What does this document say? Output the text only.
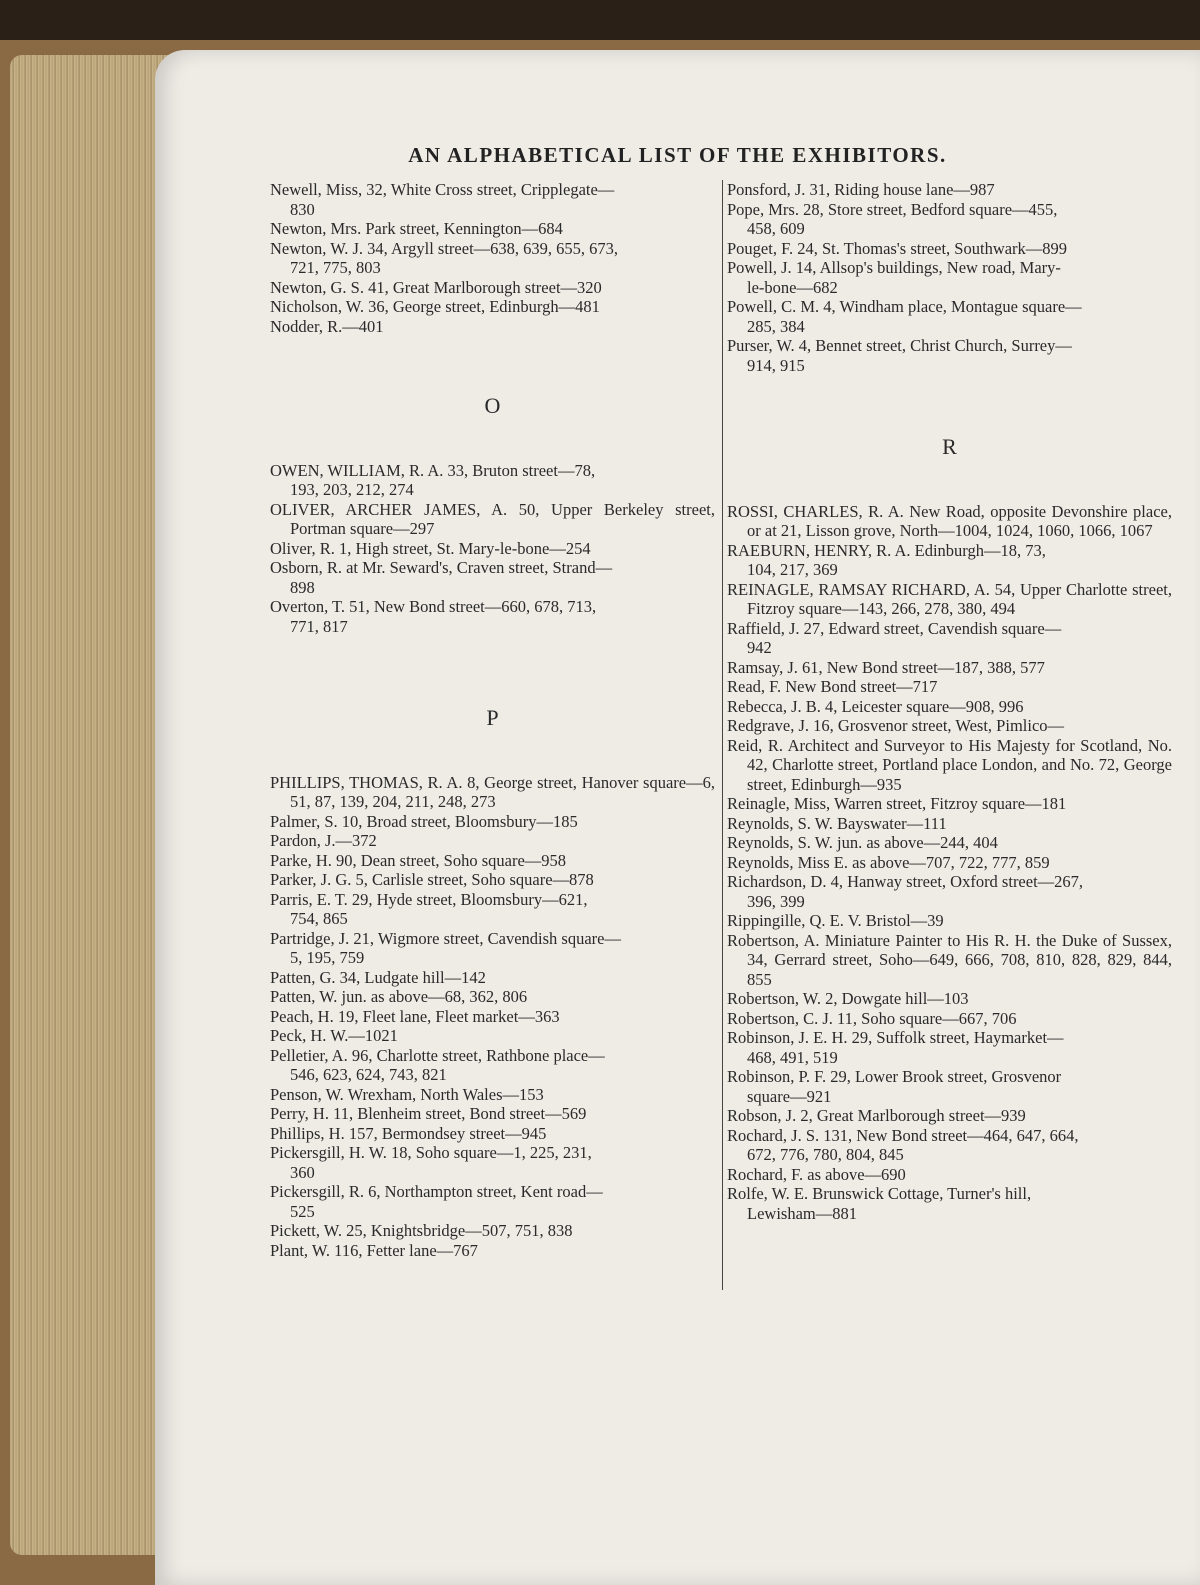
AN ALPHABETICAL LIST OF THE EXHIBITORS.
Newell, Miss, 32, White Cross street, Cripplegate—
830
Newton, Mrs. Park street, Kennington—684
Newton, W. J. 34, Argyll street—638, 639, 655, 673,
721, 775, 803
Newton, G. S. 41, Great Marlborough street—320
Nicholson, W. 36, George street, Edinburgh—481
Nodder, R.—401
O
OWEN, WILLIAM, R. A. 33, Bruton street—78,
193, 203, 212, 274
OLIVER, ARCHER JAMES, A. 50, Upper Berkeley street, Portman square—297
Oliver, R. 1, High street, St. Mary-le-bone—254
Osborn, R. at Mr. Seward's, Craven street, Strand—
898
Overton, T. 51, New Bond street—660, 678, 713,
771, 817
P
PHILLIPS, THOMAS, R. A. 8, George street, Hanover square—6, 51, 87, 139, 204, 211, 248, 273
Palmer, S. 10, Broad street, Bloomsbury—185
Pardon, J.—372
Parke, H. 90, Dean street, Soho square—958
Parker, J. G. 5, Carlisle street, Soho square—878
Parris, E. T. 29, Hyde street, Bloomsbury—621,
754, 865
Partridge, J. 21, Wigmore street, Cavendish square—
5, 195, 759
Patten, G. 34, Ludgate hill—142
Patten, W. jun. as above—68, 362, 806
Peach, H. 19, Fleet lane, Fleet market—363
Peck, H. W.—1021
Pelletier, A. 96, Charlotte street, Rathbone place—
546, 623, 624, 743, 821
Penson, W. Wrexham, North Wales—153
Perry, H. 11, Blenheim street, Bond street—569
Phillips, H. 157, Bermondsey street—945
Pickersgill, H. W. 18, Soho square—1, 225, 231,
360
Pickersgill, R. 6, Northampton street, Kent road—
525
Pickett, W. 25, Knightsbridge—507, 751, 838
Plant, W. 116, Fetter lane—767
Ponsford, J. 31, Riding house lane—987
Pope, Mrs. 28, Store street, Bedford square—455,
458, 609
Pouget, F. 24, St. Thomas's street, Southwark—899
Powell, J. 14, Allsop's buildings, New road, Mary-
le-bone—682
Powell, C. M. 4, Windham place, Montague square—
285, 384
Purser, W. 4, Bennet street, Christ Church, Surrey—
914, 915
R
ROSSI, CHARLES, R. A. New Road, opposite Devonshire place, or at 21, Lisson grove, North—1004, 1024, 1060, 1066, 1067
RAEBURN, HENRY, R. A. Edinburgh—18, 73,
104, 217, 369
REINAGLE, RAMSAY RICHARD, A. 54, Upper Charlotte street, Fitzroy square—143, 266, 278, 380, 494
Raffield, J. 27, Edward street, Cavendish square—
942
Ramsay, J. 61, New Bond street—187, 388, 577
Read, F. New Bond street—717
Rebecca, J. B. 4, Leicester square—908, 996
Redgrave, J. 16, Grosvenor street, West, Pimlico—
Reid, R. Architect and Surveyor to His Majesty for Scotland, No. 42, Charlotte street, Portland place London, and No. 72, George street, Edinburgh—935
Reinagle, Miss, Warren street, Fitzroy square—181
Reynolds, S. W. Bayswater—111
Reynolds, S. W. jun. as above—244, 404
Reynolds, Miss E. as above—707, 722, 777, 859
Richardson, D. 4, Hanway street, Oxford street—267,
396, 399
Rippingille, Q. E. V. Bristol—39
Robertson, A. Miniature Painter to His R. H. the Duke of Sussex, 34, Gerrard street, Soho—649, 666, 708, 810, 828, 829, 844, 855
Robertson, W. 2, Dowgate hill—103
Robertson, C. J. 11, Soho square—667, 706
Robinson, J. E. H. 29, Suffolk street, Haymarket—
468, 491, 519
Robinson, P. F. 29, Lower Brook street, Grosvenor
square—921
Robson, J. 2, Great Marlborough street—939
Rochard, J. S. 131, New Bond street—464, 647, 664,
672, 776, 780, 804, 845
Rochard, F. as above—690
Rolfe, W. E. Brunswick Cottage, Turner's hill,
Lewisham—881
